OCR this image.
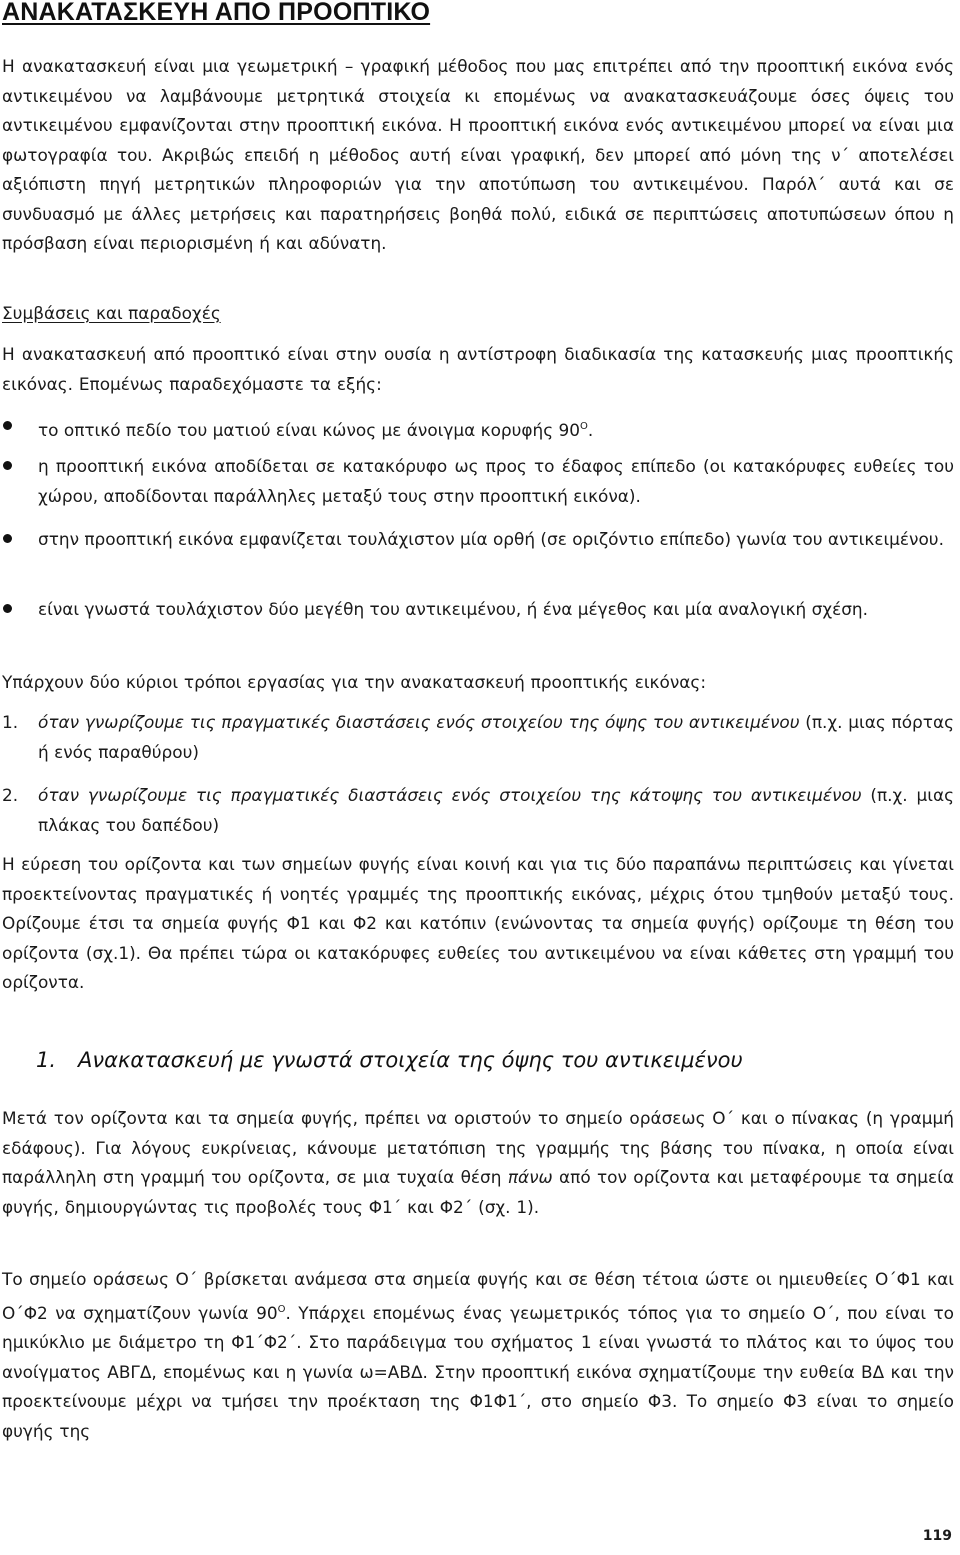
ΑΝΑΚΑΤΑΣΚΕΥΗ ΑΠΟ ΠΡΟΟΠΤΙΚΟ

Η ανακατασκευή είναι μια γεωμετρική – γραφική μέθοδος που μας επιτρέπει από την προοπτική εικόνα ενός αντικειμένου να λαμβάνουμε μετρητικά στοιχεία κι επομένως να ανακατασκευάζουμε όσες όψεις του αντικειμένου εμφανίζονται στην προοπτική εικόνα. Η προοπτική εικόνα ενός αντικειμένου μπορεί να είναι μια φωτογραφία του. Ακριβώς επειδή η μέθοδος αυτή είναι γραφική, δεν μπορεί από μόνη της ν΄ αποτελέσει αξιόπιστη πηγή μετρητικών πληροφοριών για την αποτύπωση του αντικειμένου. Παρόλ΄ αυτά και σε συνδυασμό με άλλες μετρήσεις και παρατηρήσεις βοηθά πολύ, ειδικά σε περιπτώσεις αποτυπώσεων όπου η πρόσβαση είναι περιορισμένη ή και αδύνατη.

Συμβάσεις και παραδοχές

Η ανακατασκευή από προοπτικό είναι στην ουσία η αντίστροφη διαδικασία της κατασκευής μιας προοπτικής εικόνας. Επομένως παραδεχόμαστε τα εξής:

το οπτικό πεδίο του ματιού είναι κώνος με άνοιγμα κορυφής $90^O$.

η προοπτική εικόνα αποδίδεται σε κατακόρυφο ως προς το έδαφος επίπεδο (οι κατακόρυφες ευθείες του χώρου, αποδίδονται παράλληλες μεταξύ τους στην προοπτική εικόνα).

στην προοπτική εικόνα εμφανίζεται τουλάχιστον μία ορθή (σε οριζόντιο επίπεδο) γωνία του αντικειμένου.

είναι γνωστά τουλάχιστον δύο μεγέθη του αντικειμένου, ή ένα μέγεθος και μία αναλογική σχέση.

Υπάρχουν δύο κύριοι τρόποι εργασίας για την ανακατασκευή προοπτικής εικόνας:

1. όταν γνωρίζουμε τις πραγματικές διαστάσεις ενός στοιχείου της όψης του αντικειμένου (π.χ. μιας πόρτας ή ενός παραθύρου)

2. όταν γνωρίζουμε τις πραγματικές διαστάσεις ενός στοιχείου της κάτοψης του αντικειμένου (π.χ. μιας πλάκας του δαπέδου)

Η εύρεση του ορίζοντα και των σημείων φυγής είναι κοινή και για τις δύο παραπάνω περιπτώσεις και γίνεται προεκτείνοντας πραγματικές ή νοητές γραμμές της προοπτικής εικόνας, μέχρις ότου τμηθούν μεταξύ τους. Ορίζουμε έτσι τα σημεία φυγής Φ1 και Φ2 και κατόπιν (ενώνοντας τα σημεία φυγής) ορίζουμε τη θέση του ορίζοντα (σχ.1). Θα πρέπει τώρα οι κατακόρυφες ευθείες του αντικειμένου να είναι κάθετες στη γραμμή του ορίζοντα.

1. Ανακατασκευή με γνωστά στοιχεία της όψης του αντικειμένου

Μετά τον ορίζοντα και τα σημεία φυγής, πρέπει να οριστούν το σημείο οράσεως Ο΄ και ο πίνακας (η γραμμή εδάφους). Για λόγους ευκρίνειας, κάνουμε μετατόπιση της γραμμής της βάσης του πίνακα, η οποία είναι παράλληλη στη γραμμή του ορίζοντα, σε μια τυχαία θέση πάνω από τον ορίζοντα και μεταφέρουμε τα σημεία φυγής, δημιουργώντας τις προβολές τους Φ1΄ και Φ2΄ (σχ. 1).

Το σημείο οράσεως Ο΄ βρίσκεται ανάμεσα στα σημεία φυγής και σε θέση τέτοια ώστε οι ημιευθείες Ο΄Φ1 και Ο΄Φ2 να σχηματίζουν γωνία $90^O$. Υπάρχει επομένως ένας γεωμετρικός τόπος για το σημείο Ο΄, που είναι το ημικύκλιο με διάμετρο τη Φ1΄Φ2΄. Στο παράδειγμα του σχήματος 1 είναι γνωστά το πλάτος και το ύψος του ανοίγματος ΑΒΓΔ, επομένως και η γωνία ω=ΑΒΔ. Στην προοπτική εικόνα σχηματίζουμε την ευθεία ΒΔ και την προεκτείνουμε μέχρι να τμήσει την προέκταση της Φ1Φ1΄, στο σημείο Φ3. Το σημείο Φ3 είναι το σημείο φυγής της

119
